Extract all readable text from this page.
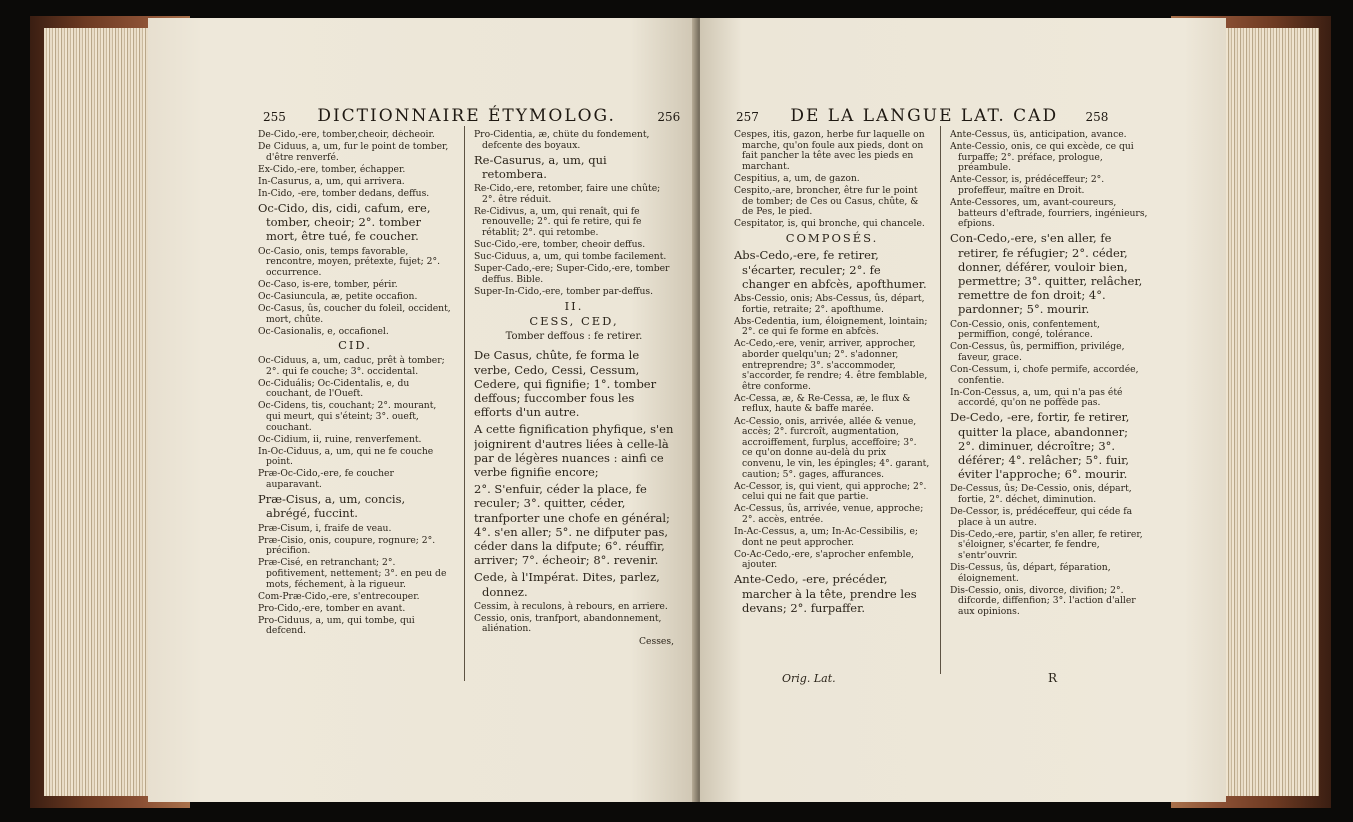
255 DICTIONNAIRE ÉTYMOLOG.	256

De-Cido,-ere, tomber,cheoir, décheoir.

De Ciduus, a, um, fur le point de tomber, d'être renverfé.

Ex-Cido,-ere, tomber, échapper.

In-Casurus, a, um, qui arrivera.

In-Cido, -ere, tomber dedans, deffus.

Oc-Cido, dis, cidi, cafum, ere, tomber, cheoir; 2°. tomber mort, être tué, fe coucher.

Oc-Casio, onis, temps favorable, rencontre, moyen, prétexte, fujet; 2°. occurrence.

Oc-Caso, is-ere, tomber, périr.

Oc-Casiuncula, æ, petite occafion.

Oc-Casus, ûs, coucher du foleil, occident, mort, chûte.

Oc-Casionalis, e, occafionel.

CID.

Oc-Ciduus, a, um, caduc, prêt à tomber; 2°. qui fe couche; 3°. occidental.

Oc-Ciduális; Oc-Cidentalis, e, du couchant, de l'Oueft.

Oc-Cidens, tis, couchant; 2°. mourant, qui meurt, qui s'éteint; 3°. oueft, couchant.

Oc-Cidium, ii, ruine, renverfement.

In-Oc-Ciduus, a, um, qui ne fe couche point.

Præ-Oc-Cido,-ere, fe coucher auparavant.

Præ-Cisus, a, um, concis, abrégé, fuccint.

Præ-Cisum, i, fraife de veau.

Præ-Cisio, onis, coupure, rognure; 2°. précifion.

Præ-Cisé, en retranchant; 2°. pofitivement, nettement; 3°. en peu de mots, féchement, à la rigueur.

Com-Præ-Cido,-ere, s'entrecouper.

Pro-Cido,-ere, tomber en avant.

Pro-Ciduus, a, um, qui tombe, qui defcend.

Pro-Cidentia, æ, chûte du fondement, defcente des boyaux.

Re-Casurus, a, um, qui retombera.

Re-Cido,-ere, retomber, faire une chûte; 2°. être réduit.

Re-Cidivus, a, um, qui renaît, qui fe renouvelle; 2°. qui fe retire, qui fe rétablit; 2°. qui retombe.

Suc-Cido,-ere, tomber, cheoir deffus.

Suc-Ciduus, a, um, qui tombe facilement.

Super-Cado,-ere; Super-Cido,-ere, tomber deffus. Bible.

Super-In-Cido,-ere, tomber par-deffus.

II.
CESS, CED,

Tomber deffous : fe retirer.

De Casus, chûte, fe forma le verbe, Cedo, Cessi, Cessum, Cedere, qui fignifie; 1°. tomber deffous; fuccomber fous les efforts d'un autre.

A cette fignification phyfique, s'en joignirent d'autres liées à celle-là par de légères nuances : ainfi ce verbe fignifie encore;

2°. S'enfuir, céder la place, fe reculer; 3°. quitter, céder, tranfporter une chofe en général; 4°. s'en aller; 5°. ne difputer pas, céder dans la difpute; 6°. réuffir, arriver; 7°. écheoir; 8°. revenir.

Cede, à l'Impérat. Dites, parlez, donnez.

Cessim, à reculons, à rebours, en arriere.

Cessio, onis, tranfport, abandonnement, aliénation.

Cesses,

257 DE LA LANGUE LAT. CAD 258

Cespes, itis, gazon, herbe fur laquelle on marche, qu'on foule aux pieds, dont on fait pancher la tête avec les pieds en marchant.

Cespitius, a, um, de gazon.

Cespito,-are, broncher, être fur le point de tomber; de Ces ou Casus, chûte, & de Pes, le pied.

Cespitator, is, qui bronche, qui chancele.

COMPOSÉS.

Abs-Cedo,-ere, fe retirer, s'écarter, reculer; 2°. fe changer en abfcès, apofthumer.

Abs-Cessio, onis; Abs-Cessus, ûs, départ, fortie, retraite; 2°. apofthume.

Abs-Cedentia, ium, éloignement, lointain; 2°. ce qui fe forme en abfcès.

Ac-Cedo,-ere, venir, arriver, approcher, aborder quelqu'un; 2°. s'adonner, entreprendre; 3°. s'accommoder, s'accorder, fe rendre; 4. être femblable, être conforme.

Ac-Cessa, æ, & Re-Cessa, æ, le flux & reflux, haute & baffe marée.

Ac-Cessio, onis, arrivée, allée & venue, accès; 2°. furcroît, augmentation, accroiffement, furplus, acceffoire; 3°. ce qu'on donne au-delà du prix convenu, le vin, les épingles; 4°. garant, caution; 5°. gages, affurances.

Ac-Cessor, is, qui vient, qui approche; 2°. celui qui ne fait que partie.

Ac-Cessus, ûs, arrivée, venue, approche; 2°. accès, entrée.

In-Ac-Cessus, a, um; In-Ac-Cessibilis, e; dont ne peut approcher.

Co-Ac-Cedo,-ere, s'aprocher enfemble, ajouter.

Ante-Cedo, -ere, précéder, marcher à la tête, prendre les devans; 2°. furpaffer.

Ante-Cessus, ûs, anticipation, avance.

Ante-Cessio, onis, ce qui excède, ce qui furpaffe; 2°. préface, prologue, préambule.

Ante-Cessor, is, prédéceffeur; 2°. profeffeur, maître en Droit.

Ante-Cessores, um, avant-coureurs, batteurs d'eftrade, fourriers, ingénieurs, efpions.

Con-Cedo,-ere, s'en aller, fe retirer, fe réfugier; 2°. céder, donner, déférer, vouloir bien, permettre; 3°. quitter, relâcher, remettre de fon droit; 4°. pardonner; 5°. mourir.

Con-Cessio, onis, confentement, permiffion, congé, tolérance.

Con-Cessus, ûs, permiffion, privilége, faveur, grace.

Con-Cessum, i, chofe permife, accordée, confentie.

In-Con-Cessus, a, um, qui n'a pas été accordé, qu'on ne poffède pas.

De-Cedo, -ere, fortir, fe retirer, quitter la place, abandonner; 2°. diminuer, décroître; 3°. déférer; 4°. relâcher; 5°. fuir, éviter l'approche; 6°. mourir.

De-Cessus, ûs; De-Cessio, onis, départ, fortie, 2°. déchet, diminution.

De-Cessor, is, prédéceffeur, qui céde fa place à un autre.

Dis-Cedo,-ere, partir, s'en aller, fe retirer, s'éloigner, s'écarter, fe fendre, s'entr'ouvrir.

Dis-Cessus, ûs, départ, féparation, éloignement.

Dis-Cessio, onis, divorce, divifion; 2°. difcorde, diffenfion; 3°. l'action d'aller aux opinions.

Orig. Lat.	R
